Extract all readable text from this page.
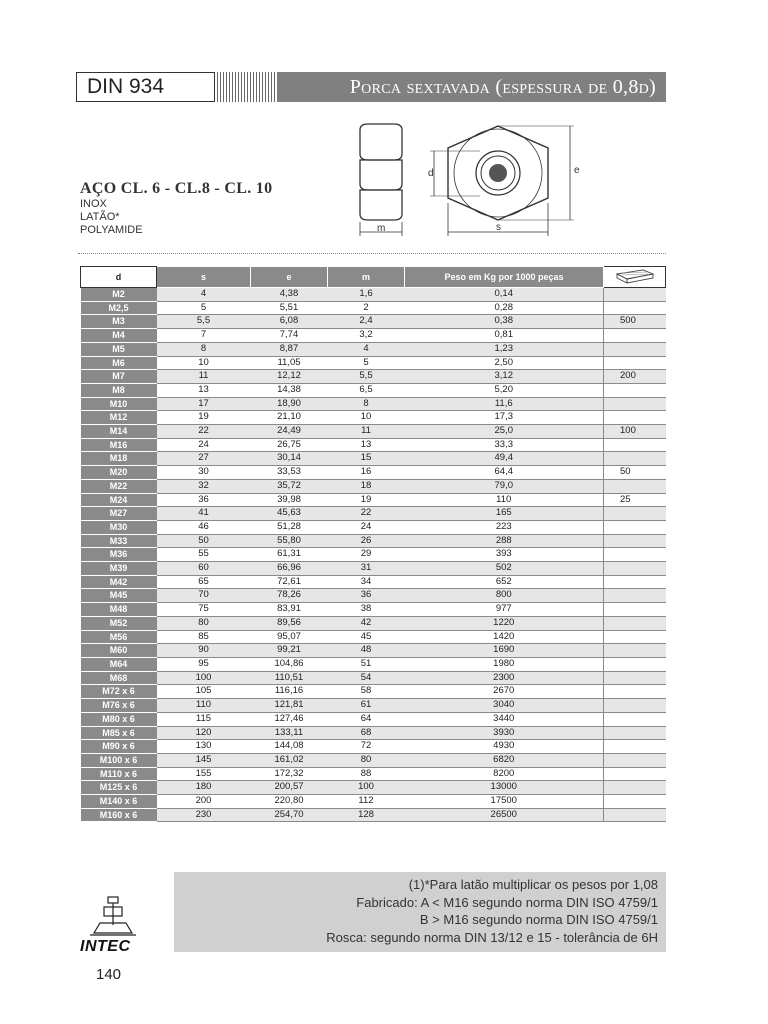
DIN 934	Porca sextavada (espessura de 0,8d)
AÇO CL. 6 - CL.8 - CL. 10
INOX
LATÃO*
POLYAMIDE	m
d	e
s
d	s	e	m	Peso em Kg por 1000 peças	
M2	4	4,38	1,6	0,14	
M2,5	5	5,51	2	0,28	
M3	5,5	6,08	2,4	0,38	500
M4	7	7,74	3,2	0,81	
M5	8	8,87	4	1,23	
M6	10	11,05	5	2,50	
M7	11	12,12	5,5	3,12	200
M8	13	14,38	6,5	5,20	
M10	17	18,90	8	11,6	
M12	19	21,10	10	17,3	
M14	22	24,49	11	25,0	100
M16	24	26,75	13	33,3	
M18	27	30,14	15	49,4	
M20	30	33,53	16	64,4	50
M22	32	35,72	18	79,0	
M24	36	39,98	19	110	25
M27	41	45,63	22	165	
M30	46	51,28	24	223	
M33	50	55,80	26	288	
M36	55	61,31	29	393	
M39	60	66,96	31	502	
M42	65	72,61	34	652	
M45	70	78,26	36	800	
M48	75	83,91	38	977	
M52	80	89,56	42	1220	
M56	85	95,07	45	1420	
M60	90	99,21	48	1690	
M64	95	104,86	51	1980	
M68	100	110,51	54	2300	
M72 x 6	105	116,16	58	2670	
M76 x 6	110	121,81	61	3040	
M80 x 6	115	127,46	64	3440	
M85 x 6	120	133,11	68	3930	
M90 x 6	130	144,08	72	4930	
M100 x 6	145	161,02	80	6820	
M110 x 6	155	172,32	88	8200	
M125 x 6	180	200,57	100	13000	
M140 x 6	200	220,80	112	17500	
M160 x 6	230	254,70	128	26500	
(1)*Para latão multiplicar os pesos por 1,08
Fabricado: A < M16 segundo norma DIN ISO 4759/1
B > M16 segundo norma DIN ISO 4759/1
Rosca: segundo norma DIN 13/12 e 15 - tolerância de 6H
INTEC
140
